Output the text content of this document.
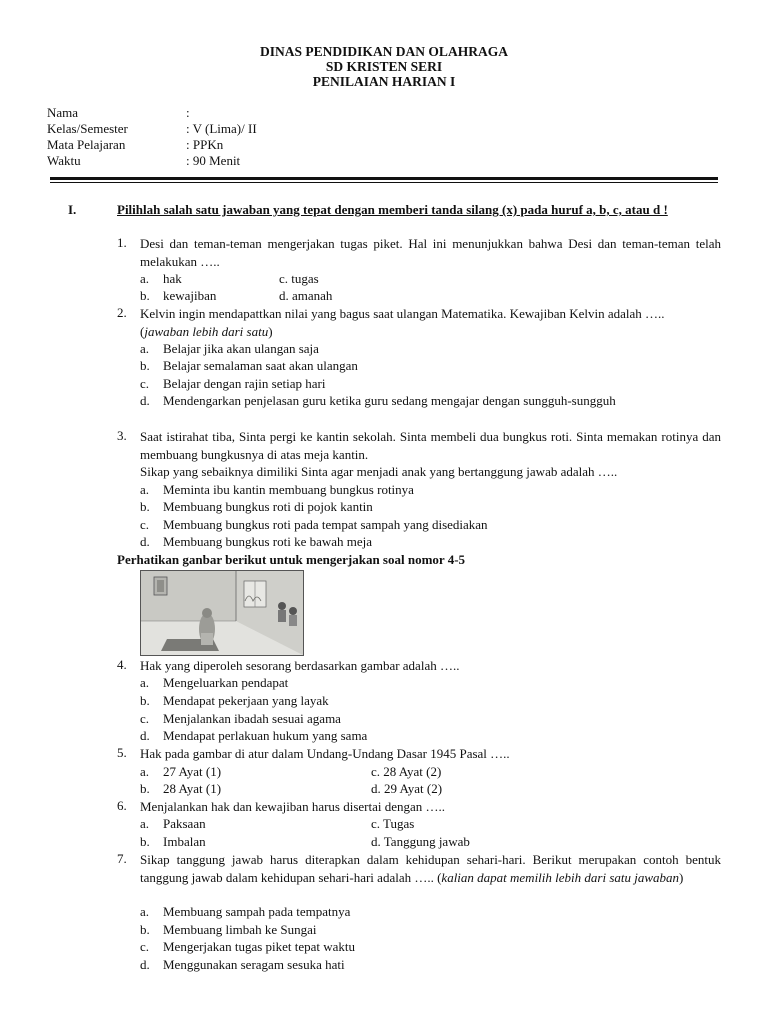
DINAS PENDIDIKAN DAN OLAHRAGA
SD KRISTEN SERI
PENILAIAN HARIAN I
Nama	:
Kelas/Semester	: V (Lima)/ II
Mata Pelajaran	: PPKn
Waktu	: 90 Menit
I.	Pilihlah salah satu jawaban yang tepat dengan memberi tanda silang (x) pada huruf a, b, c, atau d !
1. Desi dan teman-teman mengerjakan tugas piket. Hal ini menunjukkan bahwa Desi dan teman-teman telah melakukan …..
a. hak	c. tugas
b. kewajiban	d. amanah
2. Kelvin ingin mendapattkan nilai yang bagus saat ulangan Matematika. Kewajiban Kelvin adalah …..
(jawaban lebih dari satu)
a. Belajar jika akan ulangan saja
b. Belajar semalaman saat akan ulangan
c. Belajar dengan rajin setiap hari
d. Mendengarkan penjelasan guru ketika guru sedang mengajar dengan sungguh-sungguh
3. Saat istirahat tiba, Sinta pergi ke kantin sekolah. Sinta membeli dua bungkus roti. Sinta memakan rotinya dan membuang bungkusnya di atas meja kantin.
Sikap yang sebaiknya dimiliki Sinta agar menjadi anak yang bertanggung jawab adalah …..
a. Meminta ibu kantin membuang bungkus rotinya
b. Membuang bungkus roti di pojok kantin
c. Membuang bungkus roti pada tempat sampah yang disediakan
d. Membuang bungkus roti ke bawah meja
Perhatikan ganbar berikut untuk mengerjakan soal nomor 4-5
4. Hak yang diperoleh sesorang berdasarkan gambar adalah …..
a. Mengeluarkan pendapat
b. Mendapat pekerjaan yang layak
c. Menjalankan ibadah sesuai agama
d. Mendapat perlakuan hukum yang sama
5. Hak pada gambar di atur dalam Undang-Undang Dasar 1945 Pasal …..
a. 27 Ayat (1)	c. 28 Ayat (2)
b. 28 Ayat (1)	d. 29 Ayat (2)
6. Menjalankan hak dan kewajiban harus disertai dengan …..
a. Paksaan	c. Tugas
b. Imbalan	d. Tanggung jawab
7. Sikap tanggung jawab harus diterapkan dalam kehidupan sehari-hari. Berikut merupakan contoh bentuk tanggung jawab dalam kehidupan sehari-hari adalah ….. (kalian dapat memilih lebih dari satu jawaban)
a. Membuang sampah pada tempatnya
b. Membuang limbah ke Sungai
c. Mengerjakan tugas piket tepat waktu
d. Menggunakan seragam sesuka hati
